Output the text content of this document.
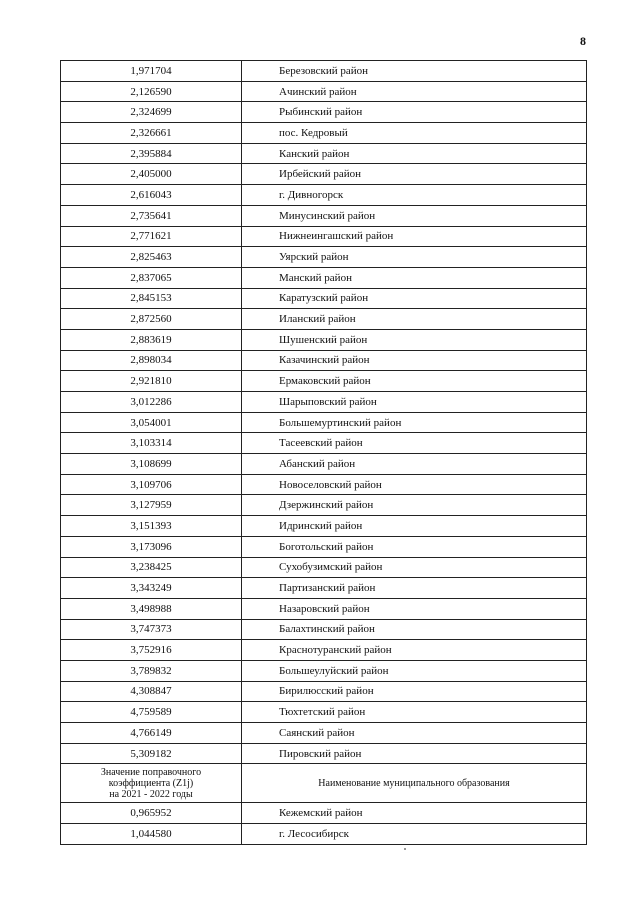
8
1,971704	Березовский район
2,126590	Ачинский район
2,324699	Рыбинский район
2,326661	пос. Кедровый
2,395884	Канский район
2,405000	Ирбейский район
2,616043	г. Дивногорск
2,735641	Минусинский район
2,771621	Нижнеингашский район
2,825463	Уярский район
2,837065	Манский район
2,845153	Каратузский район
2,872560	Иланский район
2,883619	Шушенский район
2,898034	Казачинский район
2,921810	Ермаковский район
3,012286	Шарыповский район
3,054001	Большемуртинский район
3,103314	Тасеевский район
3,108699	Абанский район
3,109706	Новоселовский район
3,127959	Дзержинский район
3,151393	Идринский район
3,173096	Боготольский район
3,238425	Сухобузимский район
3,343249	Партизанский район
3,498988	Назаровский район
3,747373	Балахтинский район
3,752916	Краснотуранский район
3,789832	Большеулуйский район
4,308847	Бирилюсский район
4,759589	Тюхтетский район
4,766149	Саянский район
5,309182	Пировский район

Значение поправочного
коэффициента (Z1j)
на 2021 - 2022 годы	Наименование муниципального образования
0,965952	Кежемский район
1,044580	г. Лесосибирск
